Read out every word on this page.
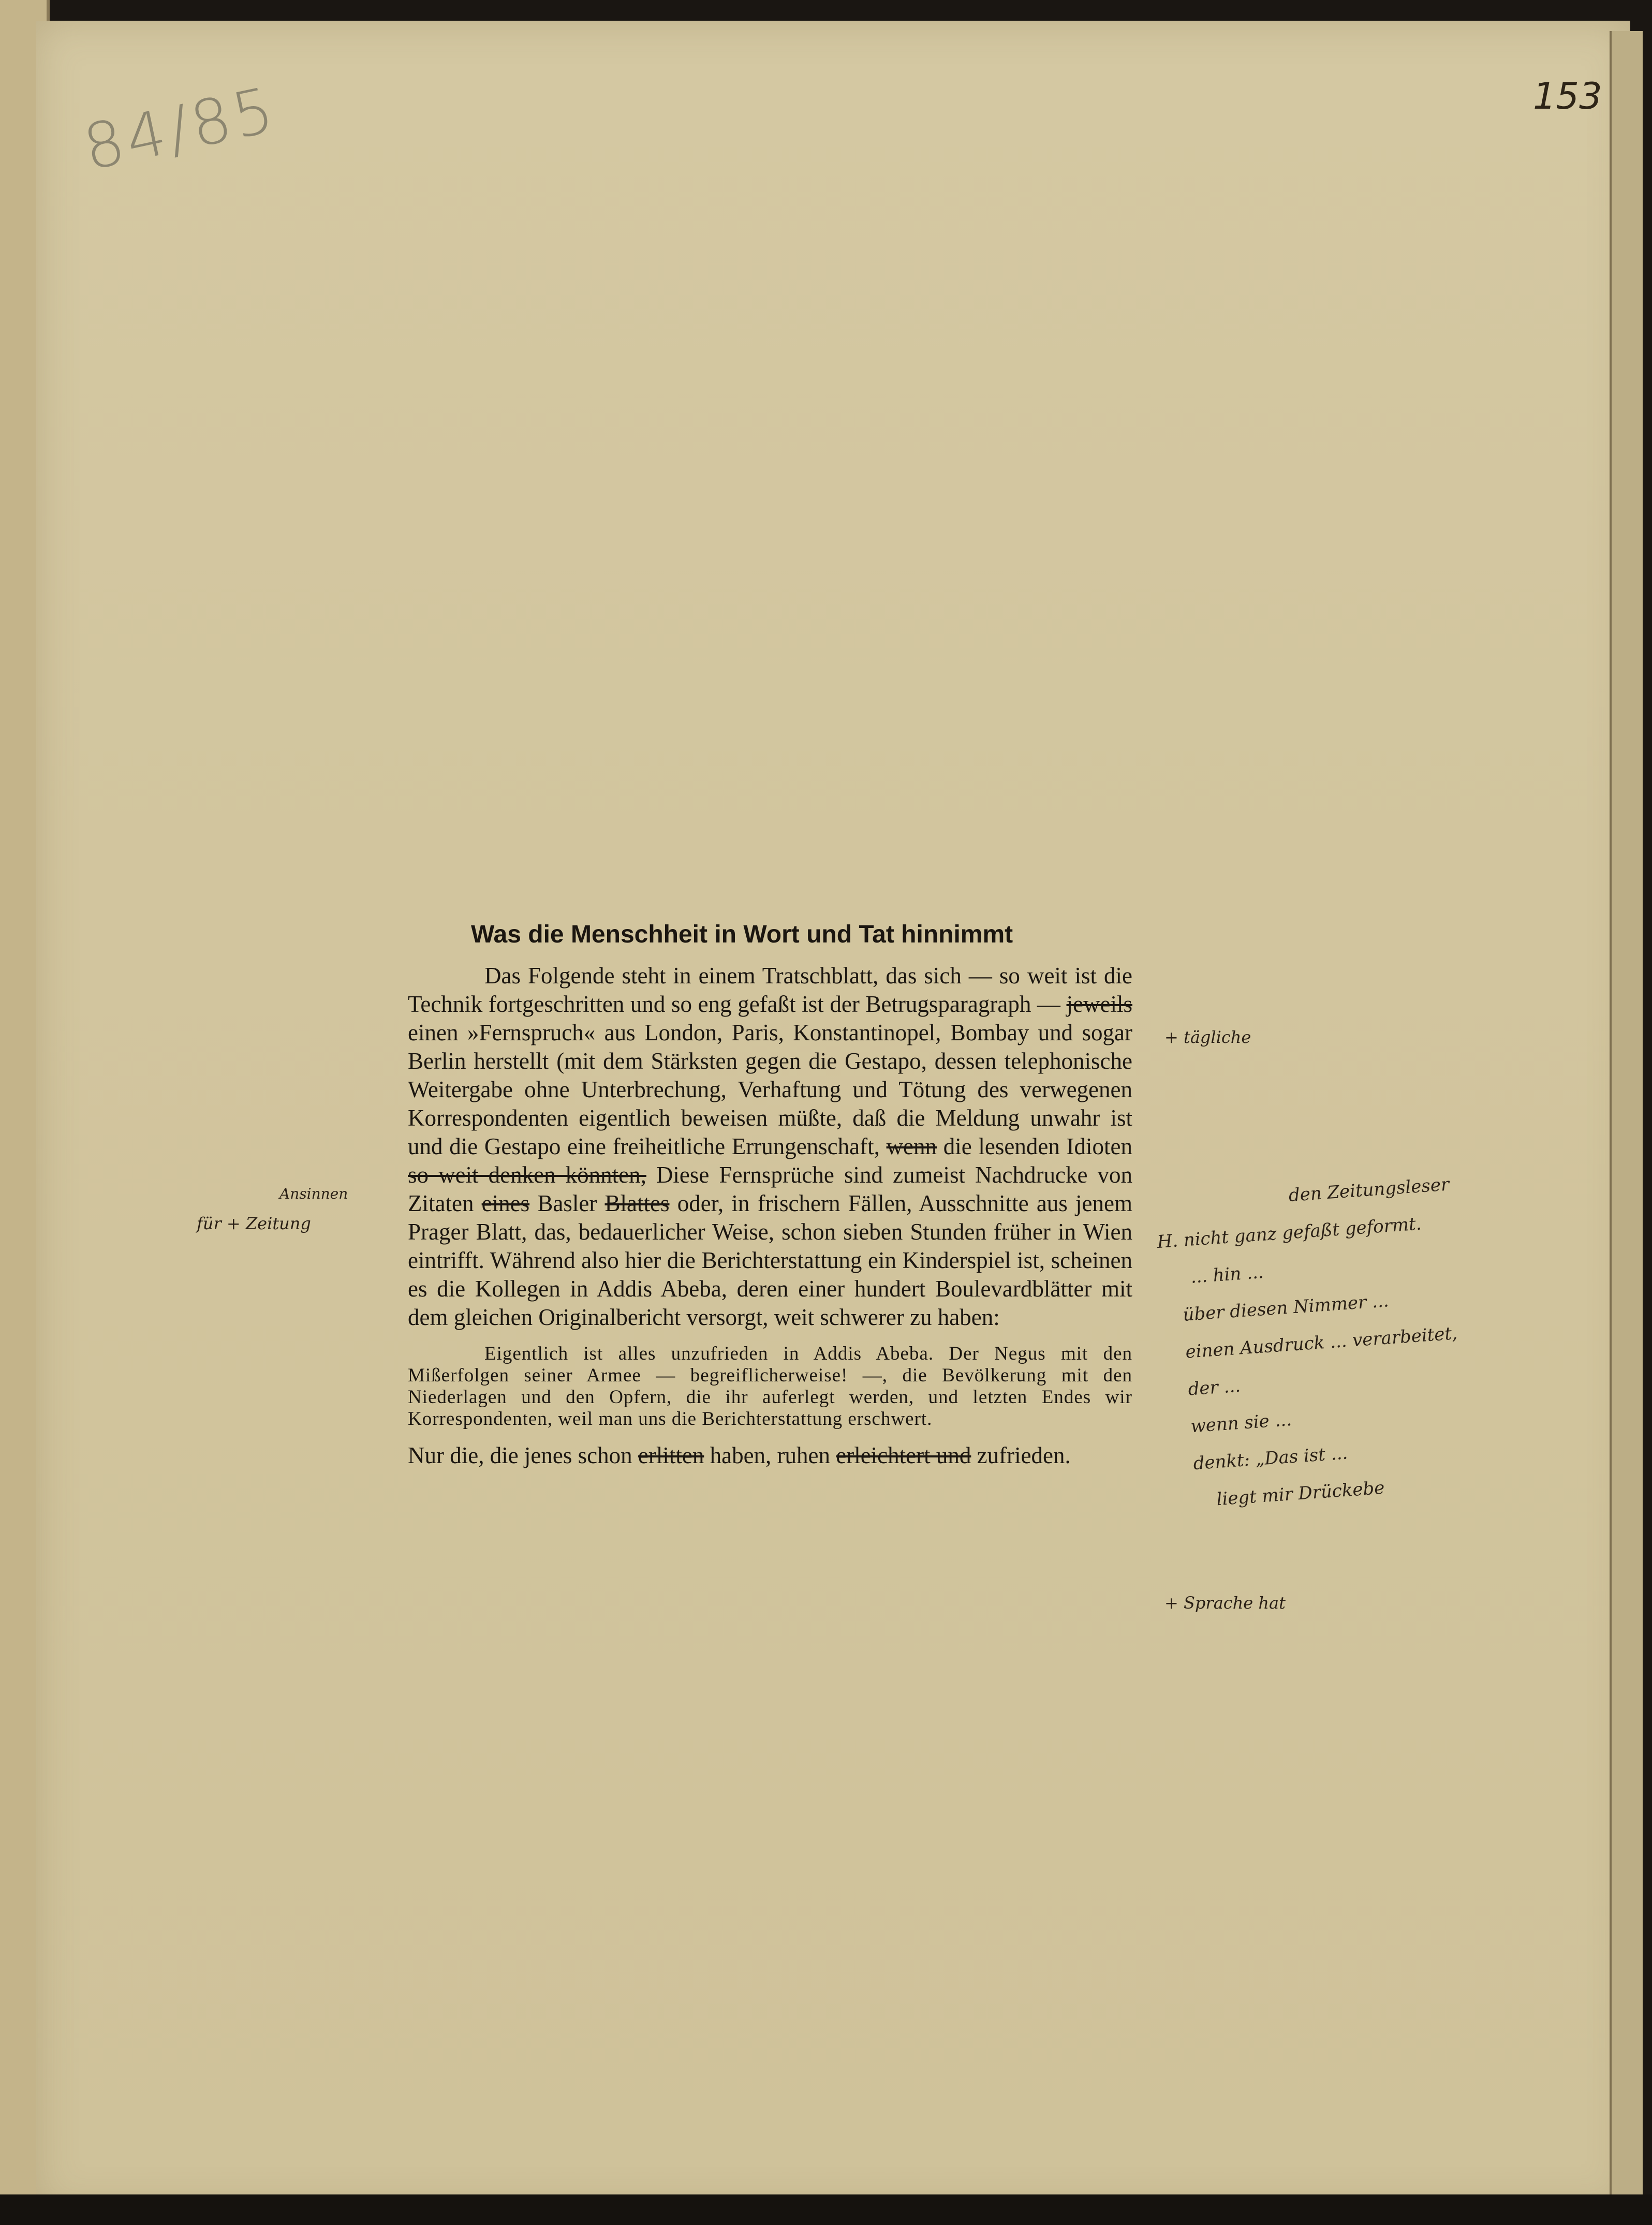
84/85	153
Was die Menschheit in Wort und Tat hinnimmt

Das Folgende steht in einem Tratschblatt, das sich — so weit ist die Technik fortgeschritten und so eng gefaßt ist der Betrugsparagraph — jeweils einen »Fernspruch« aus London, Paris, Konstantinopel, Bombay und sogar Berlin herstellt (mit dem Stärksten gegen die Gestapo, dessen telephonische Weitergabe ohne Unterbrechung, Verhaftung und Tötung des verwegenen Korrespondenten eigentlich beweisen müßte, daß die Meldung unwahr ist und die Gestapo eine freiheitliche Errungenschaft, wenn die lesenden Idioten so weit denken könnten, Diese Fernsprüche sind zumeist Nachdrucke von Zitaten eines Basler Blattes oder, in frischern Fällen, Ausschnitte aus jenem Prager Blatt, das, bedauerlicher Weise, schon sieben Stunden früher in Wien eintrifft. Während also hier die Berichterstattung ein Kinderspiel ist, scheinen es die Kollegen in Addis Abeba, deren einer hundert Boulevardblätter mit dem gleichen Originalbericht versorgt, weit schwerer zu haben:

Eigentlich ist alles unzufrieden in Addis Abeba. Der Negus mit den Mißerfolgen seiner Armee — begreiflicherweise! —, die Bevölkerung mit den Niederlagen und den Opfern, die ihr auferlegt werden, und letzten Endes wir Korrespondenten, weil man uns die Berichterstattung erschwert.

Nur die, die jenes schon erlitten haben, ruhen erleichtert und zufrieden.

+ tägliche
Ansinnen
für + Zeitung
den Zeitungsleser
H. nicht ganz gefaßt geformt.
... hin ...
über diesen Nimmer ...
einen Ausdruck ... verarbeitet,
der ...
wenn sie ...
denkt: „Das ist ...
liegt mir Drückebe
+ Sprache hat
